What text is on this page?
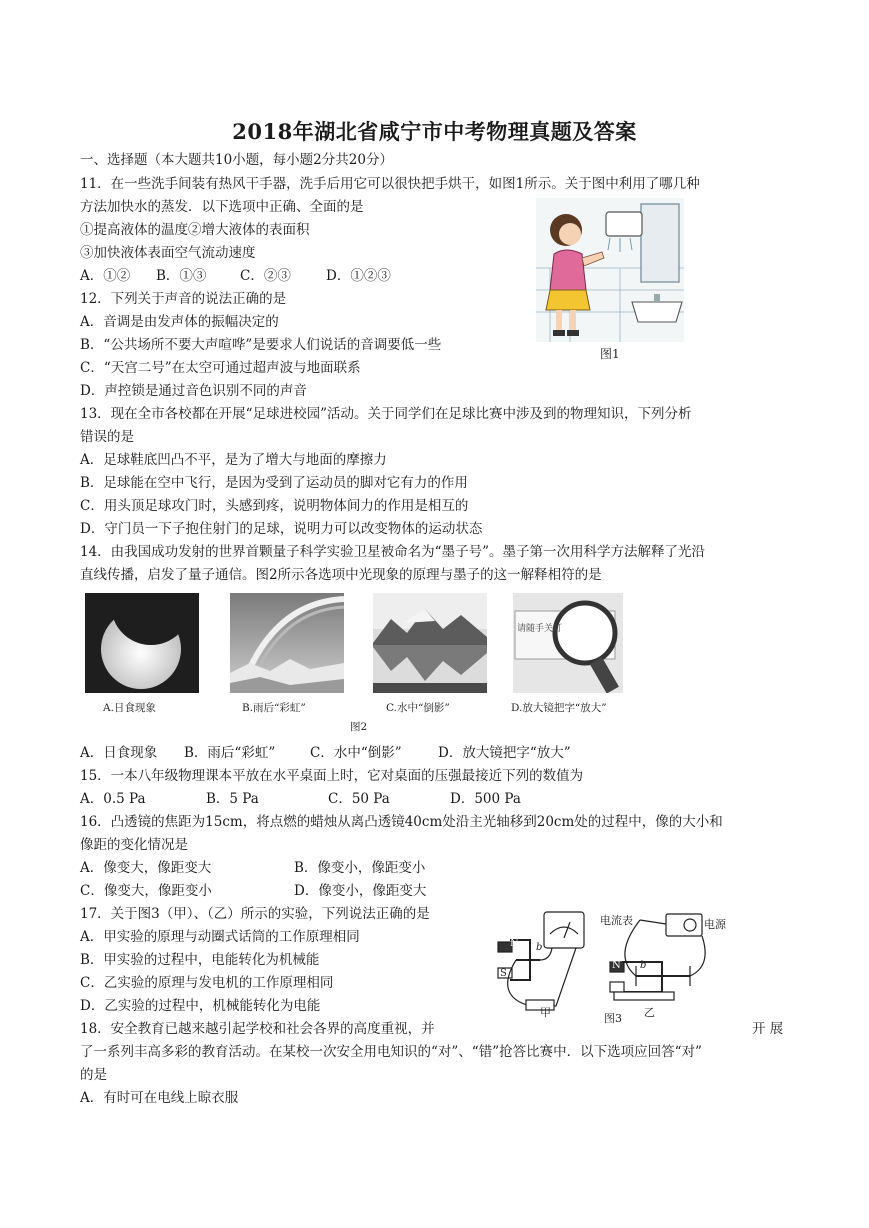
2018年湖北省咸宁市中考物理真题及答案
一、选择题（本大题共10小题，每小题2分共20分）
11．在一些洗手间装有热风干手器，洗手后用它可以很快把手烘干，如图1所示。关于图中利用了哪几种
方法加快水的蒸发．以下选项中正确、全面的是
①提高液体的温度②增大液体的表面积
③加快液体表面空气流动速度
A．①② B．①③ C．②③	D．①②③
图1
12．下列关于声音的说法正确的是
A．音调是由发声体的振幅决定的
B．“公共场所不要大声喧哗”是要求人们说话的音调要低一些
C．“天宫二号”在太空可通过超声波与地面联系
D．声控锁是通过音色识别不同的声音
13．现在全市各校都在开展“足球进校园”活动。关于同学们在足球比赛中涉及到的物理知识，下列分析
错误的是
A．足球鞋底凹凸不平，是为了增大与地面的摩擦力
B．足球能在空中飞行，是因为受到了运动员的脚对它有力的作用
C．用头顶足球攻门时，头感到疼，说明物体间力的作用是相互的
D．守门员一下子抱住射门的足球，说明力可以改变物体的运动状态
14．由我国成功发射的世界首颗量子科学实验卫星被命名为“墨子号”。墨子第一次用科学方法解释了光沿
直线传播，启发了量子通信。图2所示各选项中光现象的原理与墨子的这一解释相符的是
请随手关灯
A.日食现象	B.雨后“彩虹”	C.水中“倒影”	D.放大镜把字“放大”
图2
A．日食现象 B．雨后“彩虹”	C．水中“倒影”	D．放大镜把字“放大”
15．一本八年级物理课本平放在水平桌面上时，它对桌面的压强最接近下列的数值为
A．0.5 Pa	B．5 Pa	C．50 Pa	D．500 Pa
16．凸透镜的焦距为15cm，将点燃的蜡烛从离凸透镜40cm处沿主光轴移到20cm处的过程中，像的大小和
像距的变化情况是
A．像变大，像距变大	B．像变小，像距变小
C．像变大，像距变小	D．像变小，像距变大
17．关于图3（甲）、（乙）所示的实验，下列说法正确的是
A．甲实验的原理与动圈式话筒的工作原理相同
B．甲实验的过程中，电能转化为机械能
C．乙实验的原理与发电机的工作原理相同
D．乙实验的过程中，机械能转化为电能
电流表	电源
N
S
b
N b
甲	乙
图3
18．安全教育已越来越引起学校和社会各界的高度重视，并	开 展
了一系列丰高多彩的教育活动。在某校一次安全用电知识的“对”、“错”抢答比赛中．以下选项应回答“对”
的是
A．有时可在电线上晾衣服
